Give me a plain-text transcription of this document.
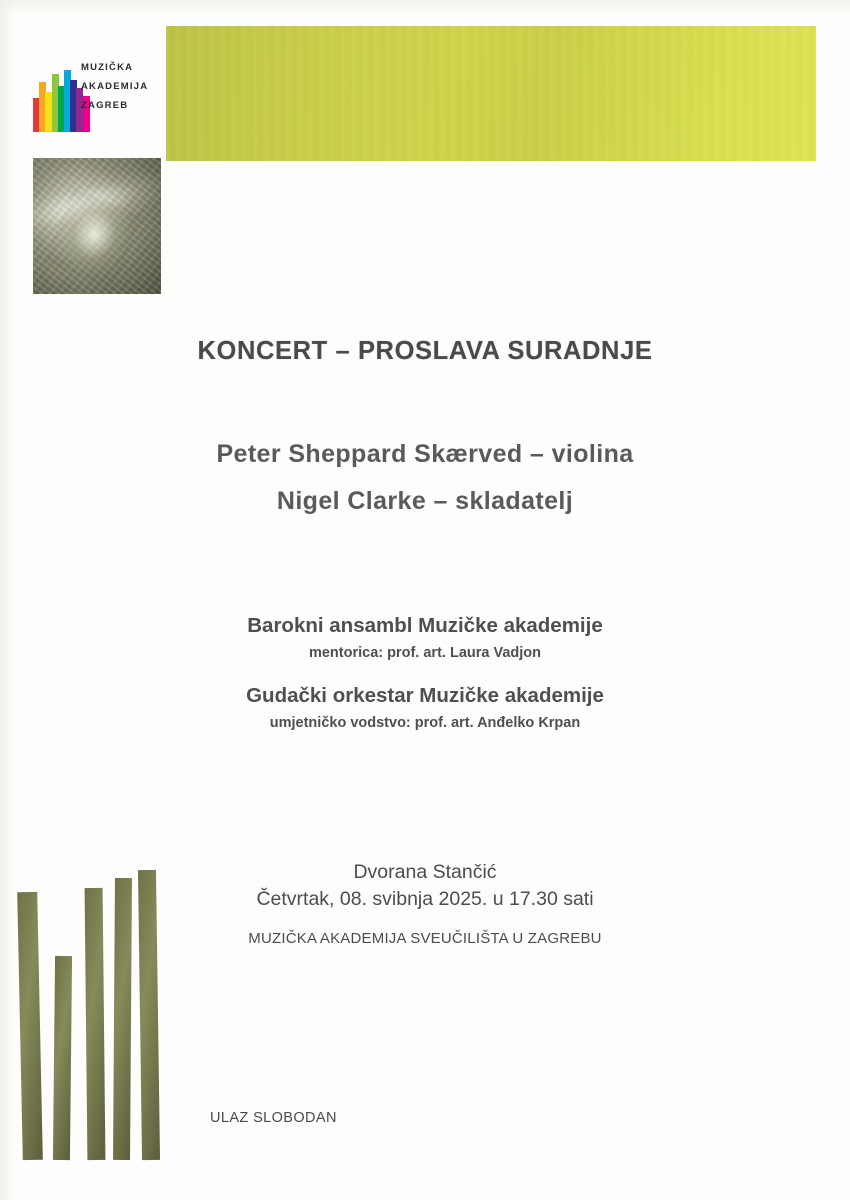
MUZIČKA
AKADEMIJA
ZAGREB
KONCERT – PROSLAVA SURADNJE
Peter Sheppard Skærved – violina
Nigel Clarke – skladatelj
Barokni ansambl Muzičke akademije
mentorica: prof. art. Laura Vadjon
Gudački orkestar Muzičke akademije
umjetničko vodstvo: prof. art. Anđelko Krpan
Dvorana Stančić
Četvrtak, 08. svibnja 2025. u 17.30 sati
MUZIČKA AKADEMIJA SVEUČILIŠTA U ZAGREBU
ULAZ SLOBODAN
